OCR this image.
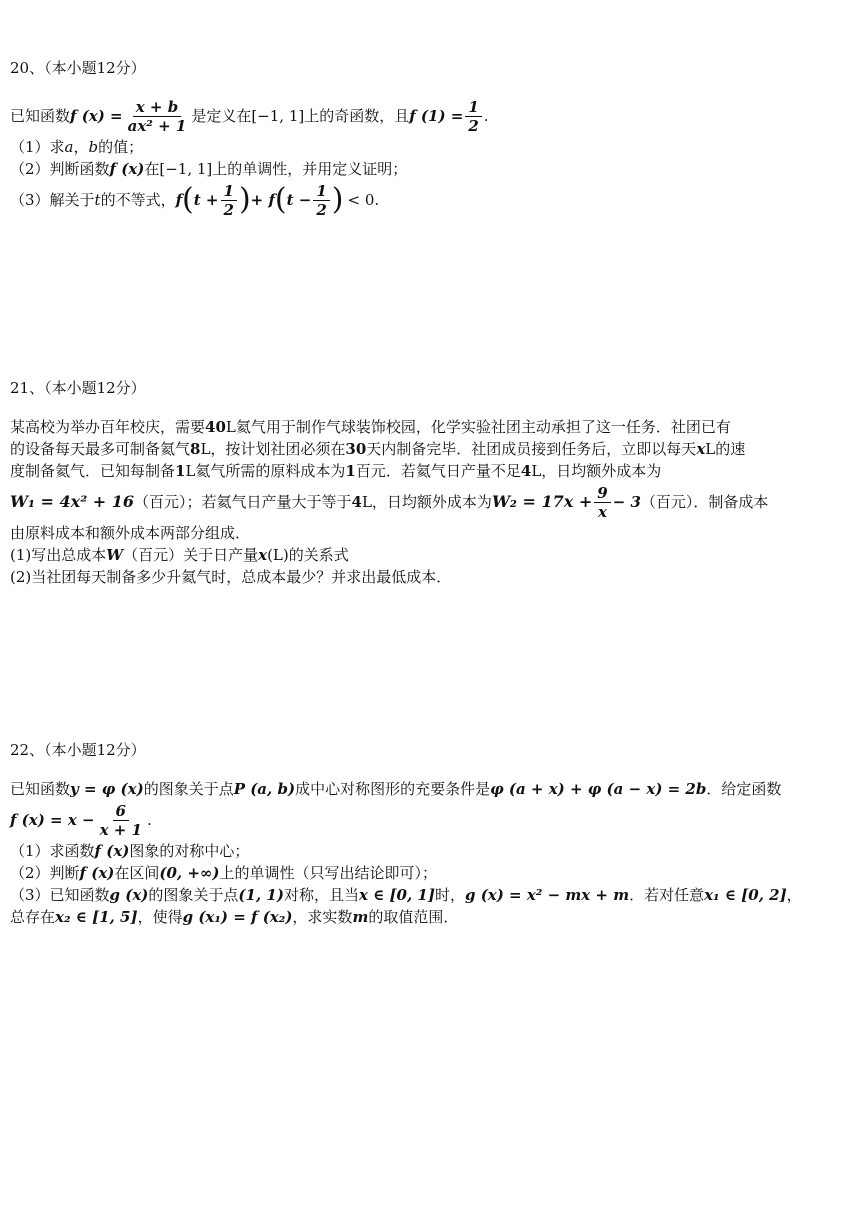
20、（本小题12分）
已知函数 f $(x) = \frac{x + b}{\text{ax² + 1}}$ 是定义在 [−1, 1] 上的奇函数，且 f $(1) = \frac{1}{2}$ .
（1）求a，b的值；
（2）判断函数f (x)在[−1, 1]上的单调性，并用定义证明；
（3）解关于 t 的不等式， f ( $t + \frac{1}{2}$ ) + f ( $t - \frac{1}{2}$ ) < 0.
21、（本小题12分）
某高校为举办百年校庆，需要40L氦气用于制作气球装饰校园，化学实验社团主动承担了这一任务．社团已有
的设备每天最多可制备氦气8L，按计划社团必须在30天内制备完毕．社团成员接到任务后，立即以每天xL的速
度制备氦气．已知每制备1L氦气所需的原料成本为1百元．若氦气日产量不足4L，日均额外成本为
W₁ = 4x² + 16 （百元）；若氦气日产量大于等于 4 L，日均额外成本为 $W_2 = 17x + \frac{9}{x} - 3$ （百元）．制备成本
由原料成本和额外成本两部分组成．
(1)写出总成本W（百元）关于日产量x(L)的关系式
(2)当社团每天制备多少升氦气时，总成本最少？并求出最低成本．
22、（本小题12分）
已知函数y = φ (x)的图象关于点P (a, b)成中心对称图形的充要条件是φ (a + x) + φ (a − x) = 2b．给定函数
f $(x) = x - \frac{6}{x + 1}$ .
（1）求函数f (x)图象的对称中心；
（2）判断f (x)在区间(0, +∞)上的单调性（只写出结论即可）；
（3）已知函数g (x)的图象关于点(1, 1)对称，且当x ∈ [0, 1]时，g (x) = x² − mx + m．若对任意x₁ ∈ [0, 2]，
总存在x₂ ∈ [1, 5]，使得g (x₁) = f (x₂)，求实数m的取值范围．
